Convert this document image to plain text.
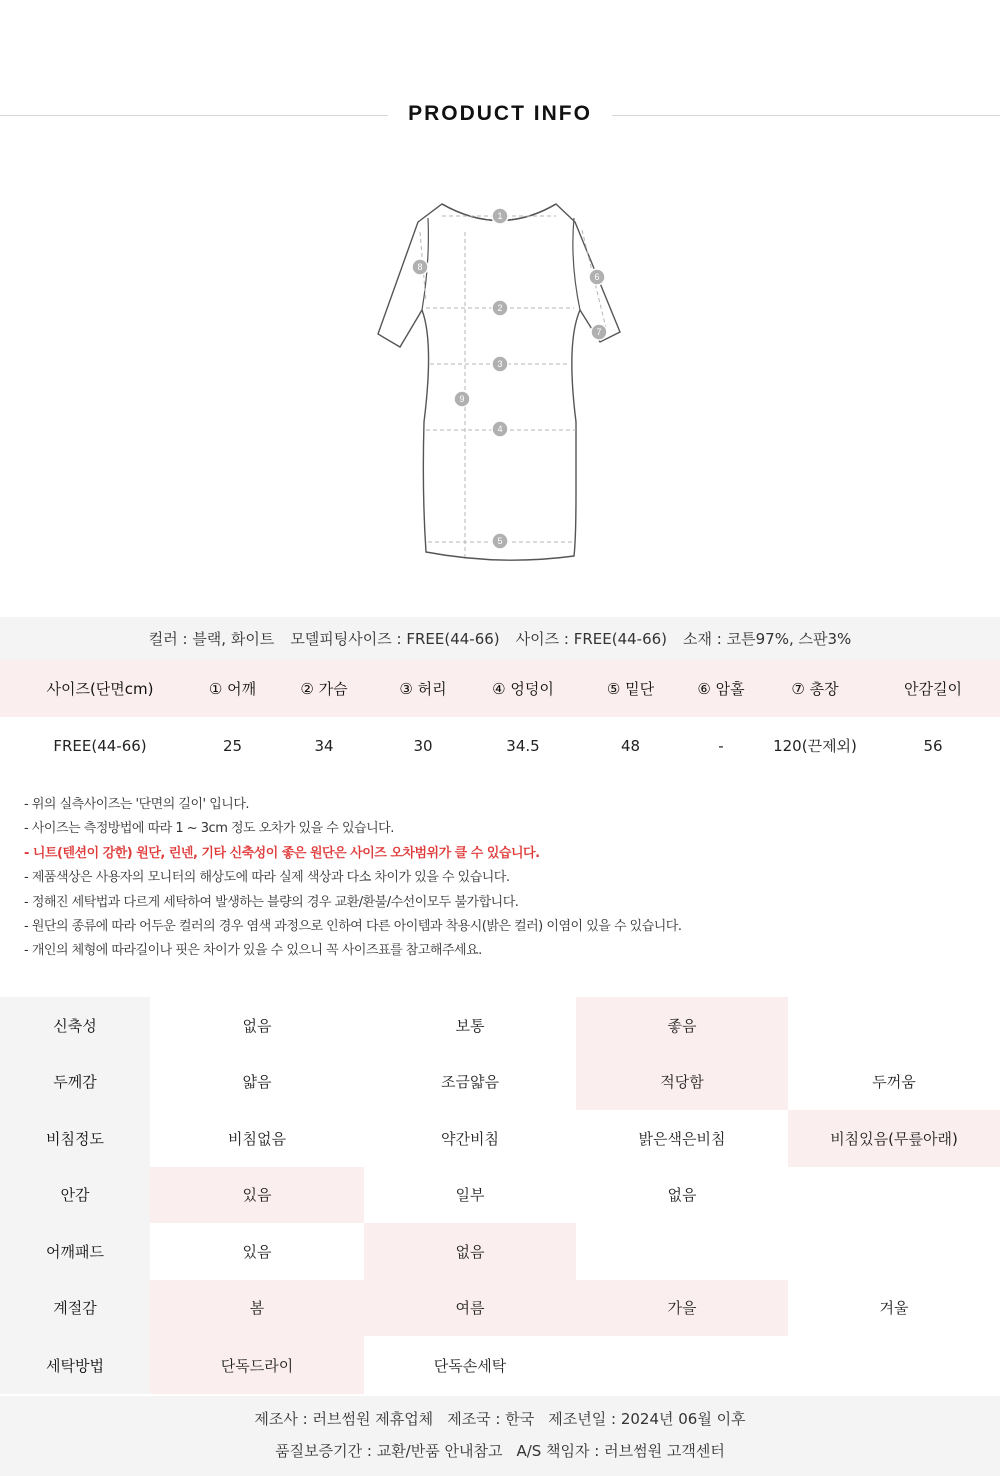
PRODUCT INFO
1
2
3
4
5
6
7
8
9
컬러 :
블랙, 화이트 모델피팅사이즈 :
FREE(44-66) 사이즈 :
FREE(44-66) 소재 :
코튼97%, 스판3%
사이즈(단면cm)	① 어깨	② 가슴	③ 허리	④ 엉덩이	⑤ 밑단	⑥ 암홀	⑦ 총장	안감길이
FREE(44-66)	25	34	30	34.5	48	-	120(끈제외)	56
- 위의 실측사이즈는 '단면의 길이' 입니다.
- 사이즈는 측정방법에 따라 1 ~ 3cm 정도 오차가 있을 수 있습니다.
- 니트(텐션이 강한) 원단, 린넨, 기타 신축성이 좋은 원단은 사이즈 오차범위가 클 수 있습니다.
- 제품색상은 사용자의 모니터의 해상도에 따라 실제 색상과 다소 차이가 있을 수 있습니다.
- 정해진 세탁법과 다르게 세탁하여 발생하는 블량의 경우 교환/환불/수선이모두 불가합니다.
- 원단의 종류에 따라 어두운 컬러의 경우 염색 과정으로 인하여 다른 아이템과 착용시(밝은 컬러) 이염이 있을 수 있습니다.
- 개인의 체형에 따라길이나 핏은 차이가 있을 수 있으니 꼭 사이즈표를 참고해주세요.
신축성	없음	보통	좋음	
두께감	얇음	조금얇음	적당함	두꺼움
비침정도	비침없음	약간비침	밝은색은비침	비침있음(무릎아래)
안감	있음	일부	없음	
어깨패드	있음	없음		
계절감	봄	여름	가을	겨울
세탁방법	단독드라이	단독손세탁		
제조사 : 러브썸원 제휴업체 제조국 : 한국 제조년일 : 2024년 06월 이후
품질보증기간 : 교환/반품 안내참고 A/S 책임자 : 러브썸원 고객센터
